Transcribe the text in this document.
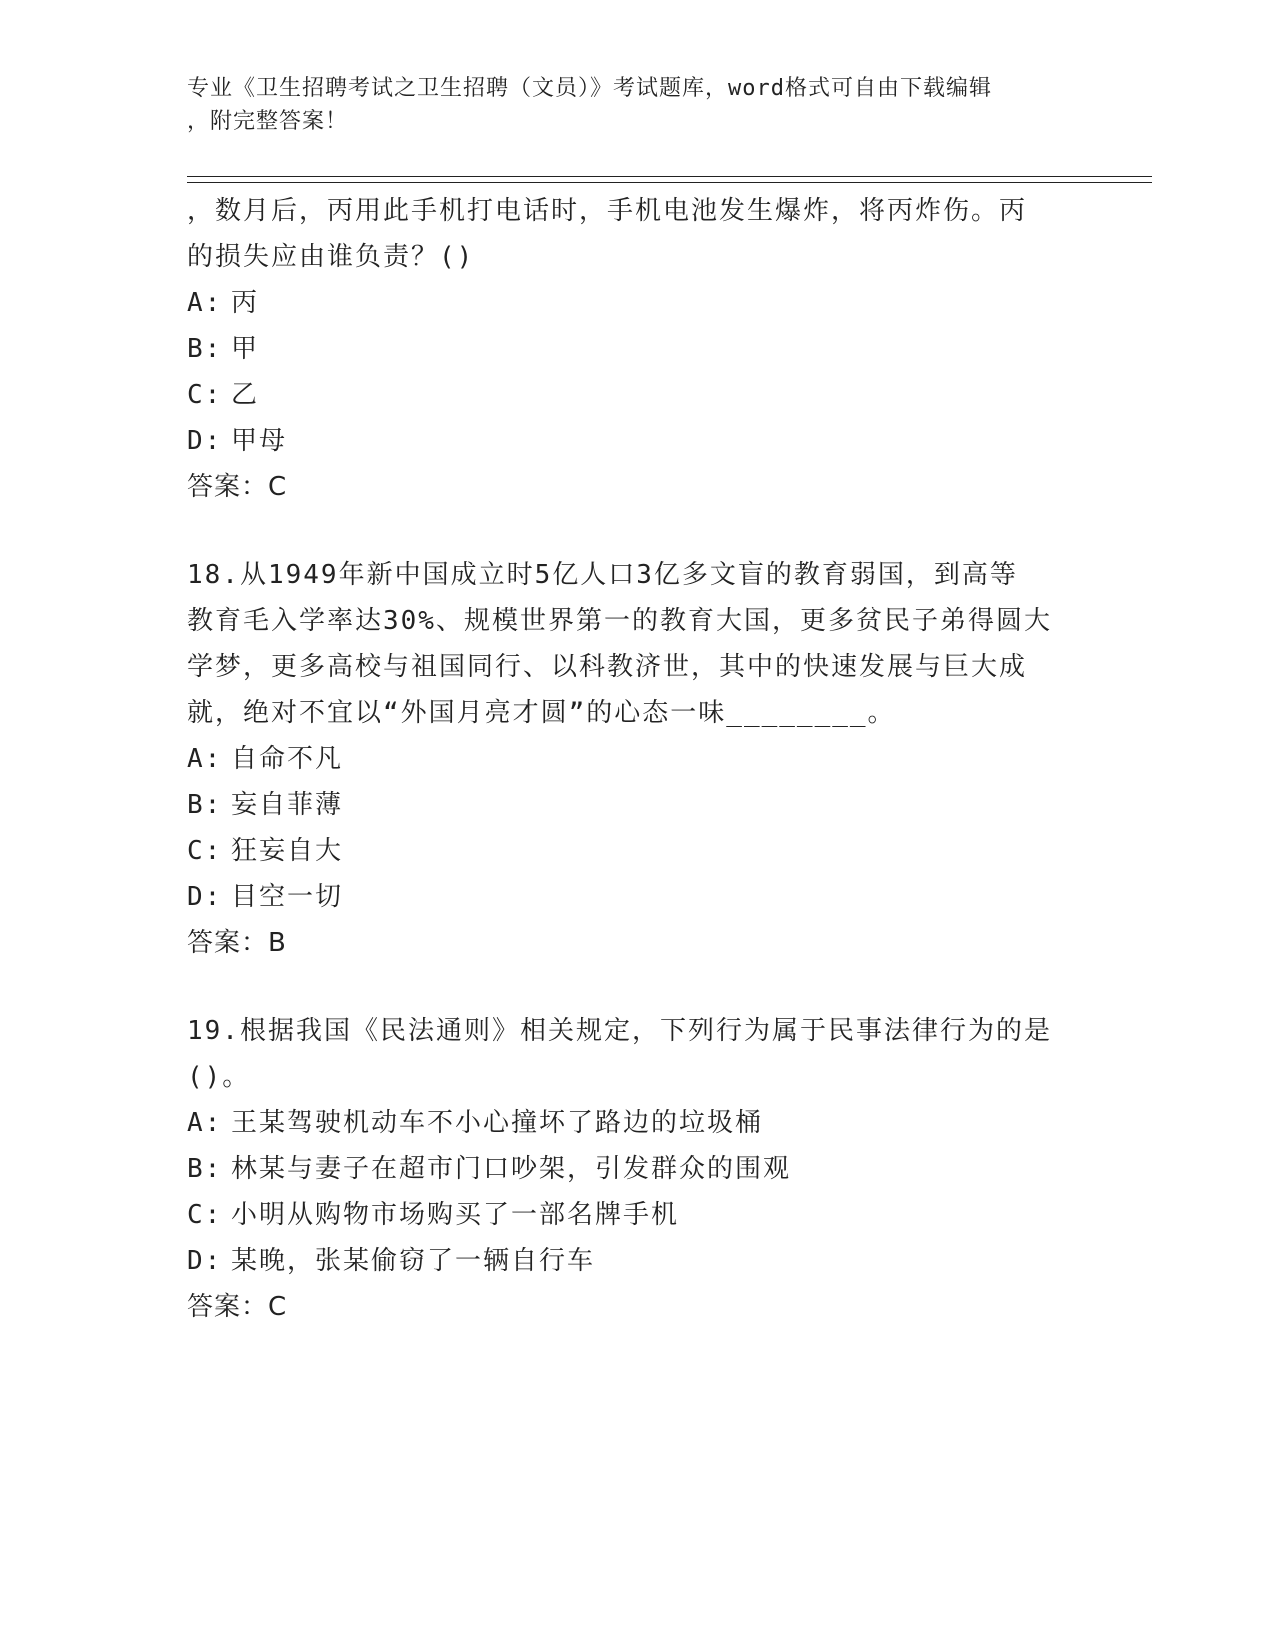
专业《卫生招聘考试之卫生招聘（文员）》考试题库，word格式可自由下载编辑
，附完整答案！
，数月后，丙用此手机打电话时，手机电池发生爆炸，将丙炸伤。丙
的损失应由谁负责？()
A: 丙
B: 甲
C: 乙
D: 甲母
答案：C
18.从1949年新中国成立时5亿人口3亿多文盲的教育弱国，到高等
教育毛入学率达30%、规模世界第一的教育大国，更多贫民子弟得圆大
学梦，更多高校与祖国同行、以科教济世，其中的快速发展与巨大成
就，绝对不宜以“外国月亮才圆”的心态一味________。
A: 自命不凡
B: 妄自菲薄
C: 狂妄自大
D: 目空一切
答案：B
19.根据我国《民法通则》相关规定，下列行为属于民事法律行为的是
()。
A: 王某驾驶机动车不小心撞坏了路边的垃圾桶
B: 林某与妻子在超市门口吵架，引发群众的围观
C: 小明从购物市场购买了一部名牌手机
D: 某晚，张某偷窃了一辆自行车
答案：C
